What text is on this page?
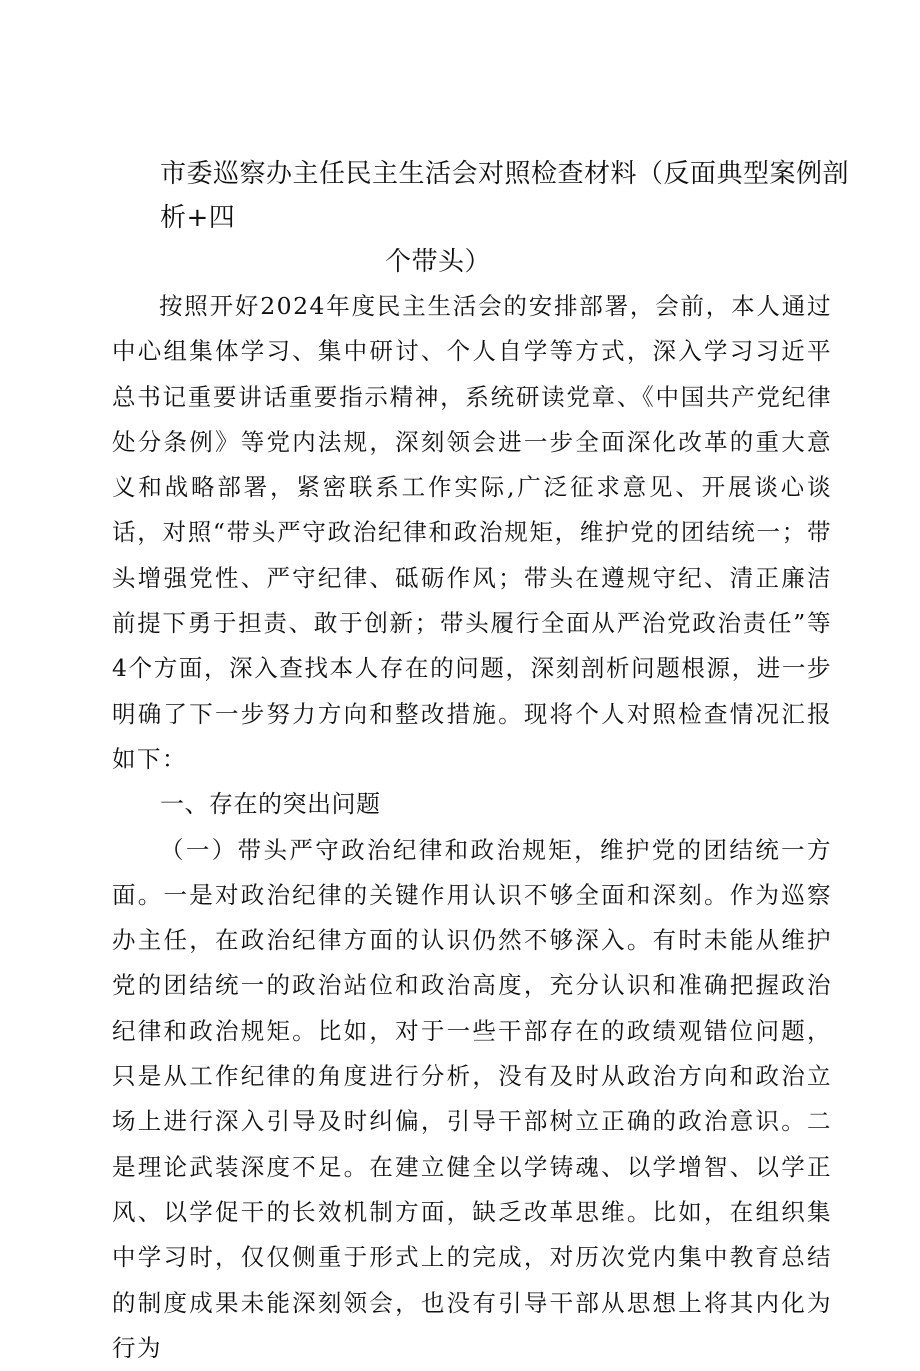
市委巡察办主任民主生活会对照检查材料（反面典型案例剖析+四
个带头）

按照开好2024年度民主生活会的安排部署，会前，本人通过中心组集体学习、集中研讨、个人自学等方式，深入学习习近平总书记重要讲话重要指示精神，系统研读党章、《中国共产党纪律处分条例》等党内法规，深刻领会进一步全面深化改革的重大意义和战略部署，紧密联系工作实际,广泛征求意见、开展谈心谈话，对照“带头严守政治纪律和政治规矩，维护党的团结统一；带头增强党性、严守纪律、砥砺作风；带头在遵规守纪、清正廉洁前提下勇于担责、敢于创新；带头履行全面从严治党政治责任”等4个方面，深入查找本人存在的问题，深刻剖析问题根源，进一步明确了下一步努力方向和整改措施。现将个人对照检查情况汇报如下：

一、存在的突出问题

（一）带头严守政治纪律和政治规矩，维护党的团结统一方面。一是对政治纪律的关键作用认识不够全面和深刻。作为巡察办主任，在政治纪律方面的认识仍然不够深入。有时未能从维护党的团结统一的政治站位和政治高度，充分认识和准确把握政治纪律和政治规矩。比如，对于一些干部存在的政绩观错位问题，只是从工作纪律的角度进行分析，没有及时从政治方向和政治立场上进行深入引导及时纠偏，引导干部树立正确的政治意识。二是理论武装深度不足。在建立健全以学铸魂、以学增智、以学正风、以学促干的长效机制方面，缺乏改革思维。比如，在组织集中学习时，仅仅侧重于形式上的完成，对历次党内集中教育总结的制度成果未能深刻领会，也没有引导干部从思想上将其内化为行为
